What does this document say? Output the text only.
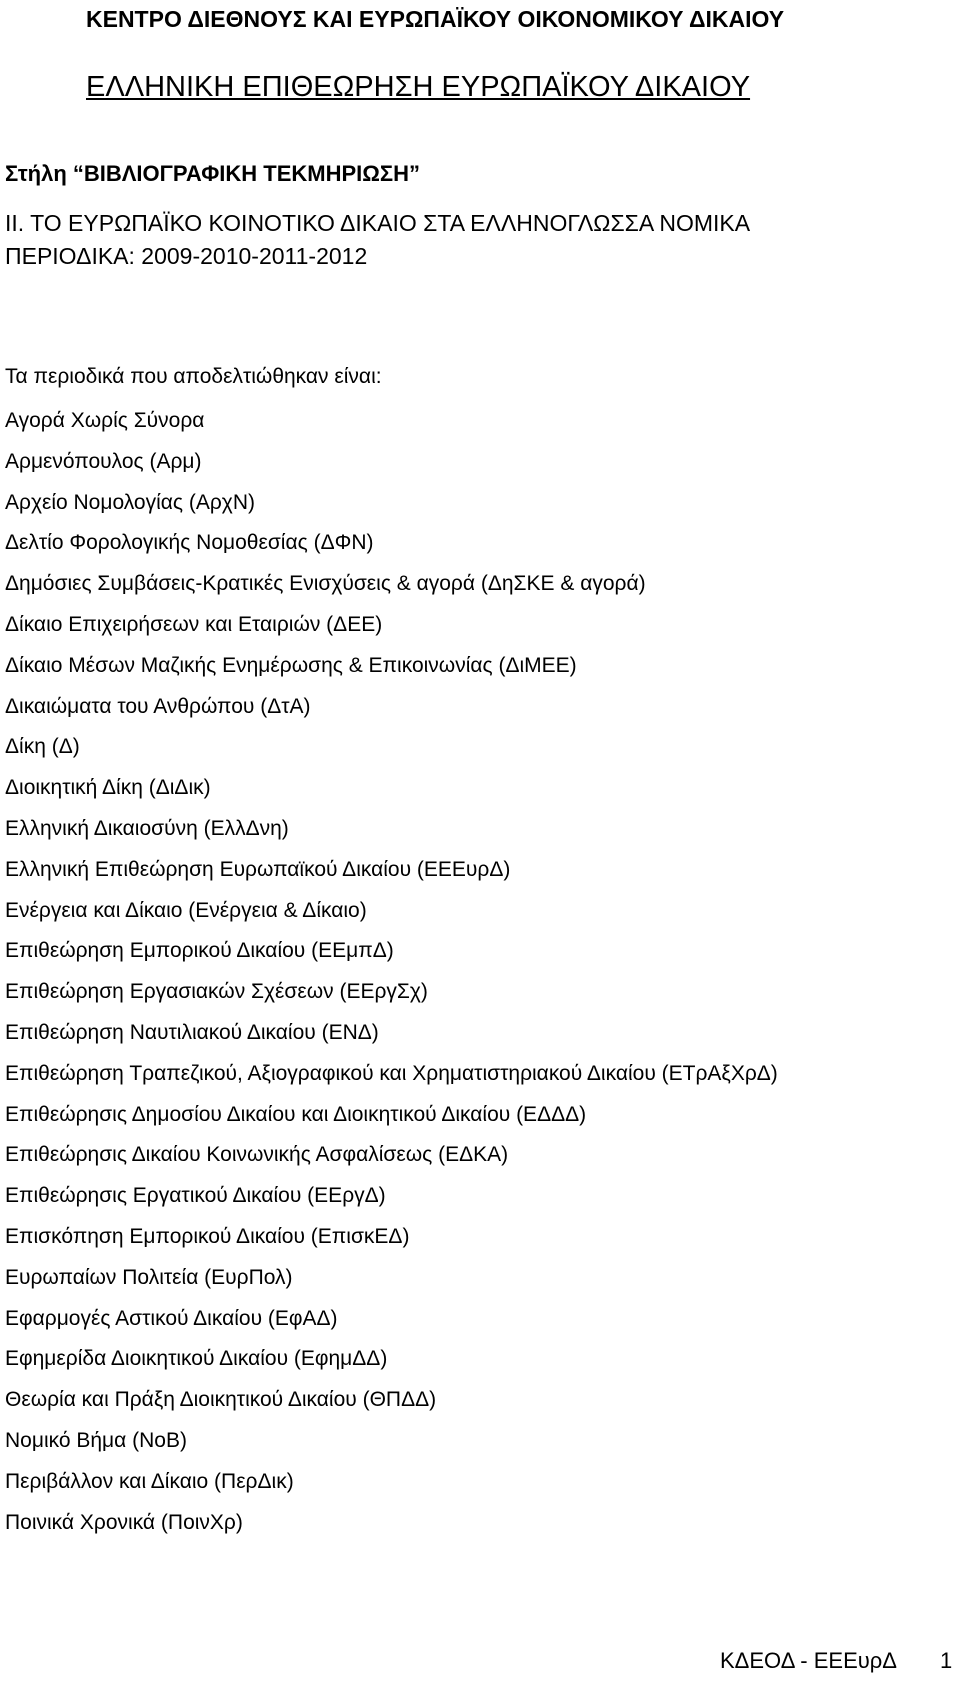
ΚΕΝΤΡΟ ΔΙΕΘΝΟΥΣ ΚΑΙ ΕΥΡΩΠΑΪΚΟΥ ΟΙΚΟΝΟΜΙΚΟΥ ΔΙΚΑΙΟΥ
ΕΛΛΗΝΙΚΗ ΕΠΙΘΕΩΡΗΣΗ ΕΥΡΩΠΑΪΚΟΥ ΔΙΚΑΙΟΥ
Στήλη “ΒΙΒΛΙΟΓΡΑΦΙΚΗ ΤΕΚΜΗΡΙΩΣΗ”
ΙΙ. ΤΟ ΕΥΡΩΠΑΪΚΟ ΚΟΙΝΟΤΙΚΟ ΔΙΚΑΙΟ ΣΤΑ ΕΛΛΗΝΟΓΛΩΣΣΑ ΝΟΜΙΚΑ
ΠΕΡΙΟΔΙΚΑ: 2009-2010-2011-2012
Τα περιοδικά που αποδελτιώθηκαν είναι:
Αγορά Χωρίς Σύνορα
Αρμενόπουλος (Αρμ)
Αρχείο Νομολογίας (ΑρχΝ)
Δελτίο Φορολογικής Νομοθεσίας (ΔΦΝ)
Δημόσιες Συμβάσεις-Κρατικές Ενισχύσεις & αγορά (ΔηΣΚΕ & αγορά)
Δίκαιο Επιχειρήσεων και Εταιριών (ΔΕΕ)
Δίκαιο Μέσων Μαζικής Ενημέρωσης & Επικοινωνίας (ΔιΜΕΕ)
Δικαιώματα του Ανθρώπου (ΔτΑ)
Δίκη (Δ)
Διοικητική Δίκη (ΔιΔικ)
Ελληνική Δικαιοσύνη (ΕλλΔνη)
Ελληνική Επιθεώρηση Ευρωπαϊκού Δικαίου (ΕΕΕυρΔ)
Ενέργεια και Δίκαιο (Ενέργεια & Δίκαιο)
Επιθεώρηση Εμπορικού Δικαίου (ΕΕμπΔ)
Επιθεώρηση Εργασιακών Σχέσεων (ΕΕργΣχ)
Επιθεώρηση Ναυτιλιακού Δικαίου (ΕΝΔ)
Επιθεώρηση Τραπεζικού, Αξιογραφικού και Χρηματιστηριακού Δικαίου (ΕΤρΑξΧρΔ)
Επιθεώρησις Δημοσίου Δικαίου και Διοικητικού Δικαίου (ΕΔΔΔ)
Επιθεώρησις Δικαίου Κοινωνικής Ασφαλίσεως (ΕΔΚΑ)
Επιθεώρησις Εργατικού Δικαίου (ΕΕργΔ)
Επισκόπηση Εμπορικού Δικαίου (ΕπισκΕΔ)
Ευρωπαίων Πολιτεία (ΕυρΠολ)
Εφαρμογές Αστικού Δικαίου (ΕφΑΔ)
Εφημερίδα Διοικητικού Δικαίου (ΕφημΔΔ)
Θεωρία και Πράξη Διοικητικού Δικαίου (ΘΠΔΔ)
Νομικό Βήμα (ΝοΒ)
Περιβάλλον και Δίκαιο (ΠερΔικ)
Ποινικά Χρονικά (ΠοινΧρ)
ΚΔΕΟΔ - ΕΕΕυρΔ 1
